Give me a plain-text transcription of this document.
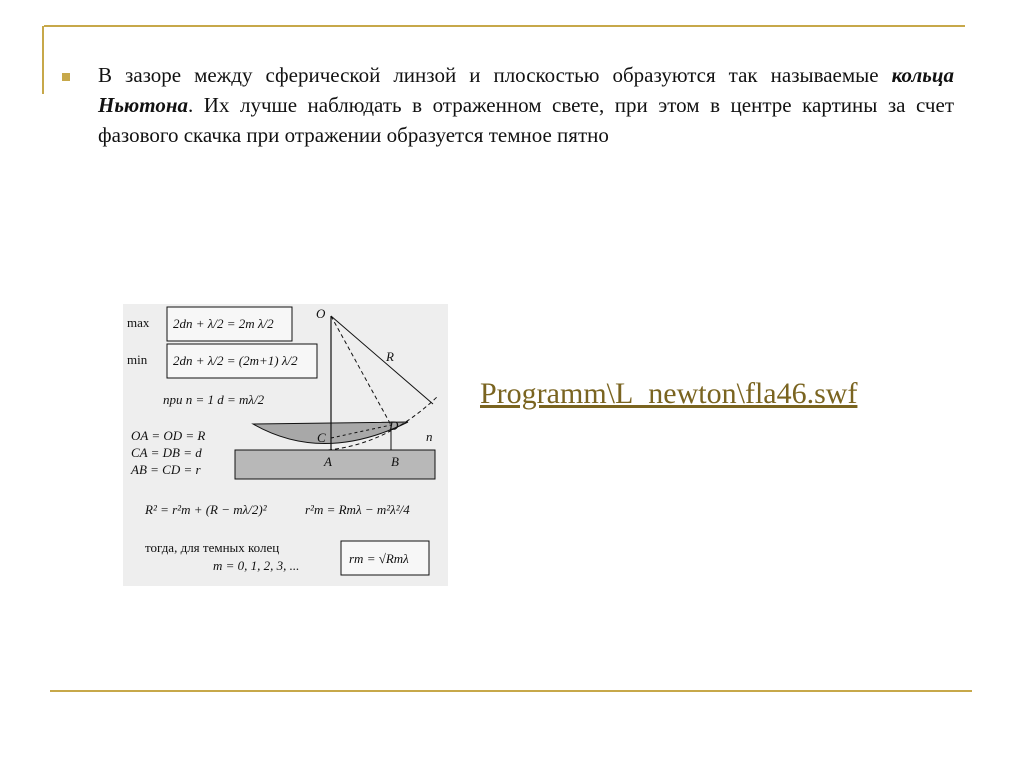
В зазоре между сферической линзой и плоскостью образуются так называемые кольца Ньютона. Их лучше наблюдать в отраженном свете, при этом в центре картины за счет фазового скачка при отражении образуется темное пятно
max
min
2dn + λ/2 = 2m λ/2
2dn + λ/2 = (2m+1) λ/2
при n = 1 d = mλ/2
OA = OD = R
CA = DB = d
AB = CD = r
O
R
D
C	n
A	B
R² = r²m + (R − mλ/2)²	r²m = Rmλ − m²λ²/4
тогда, для темных колец
m = 0, 1, 2, 3, ...	rm = √Rmλ
Programm\L_newton\fla46.swf
